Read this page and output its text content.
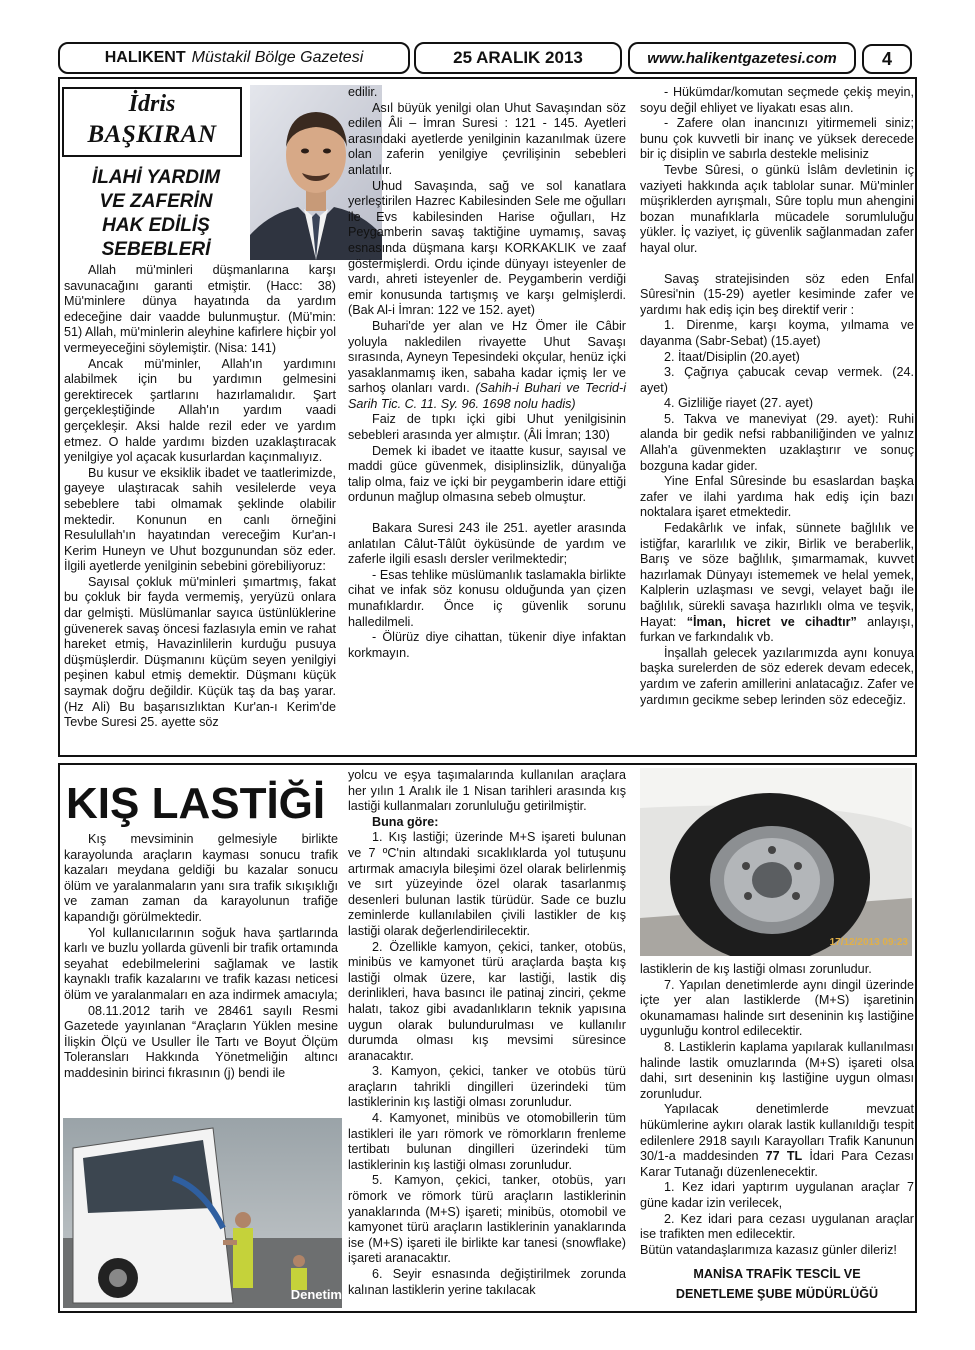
HALIKENT Müstakil Bölge Gazetesi	25 ARALIK 2013	www.halikentgazetesi.com	4
İdris
BAŞKIRAN
İLAHİ YARDIM
VE ZAFERİN
HAK EDİLİŞ
SEBEBLERİ

Allah mü'minleri düşmanlarına karşı savunacağını garanti etmiştir. (Hacc: 38) Mü'minlere dünya hayatında da yardım edeceğine dair vaadde bulunmuştur. (Mü'min: 51) Allah, mü'minlerin aleyhine kafirlere hiçbir yol vermeyeceğini söylemiştir. (Nisa: 141)

Ancak mü'minler, Allah'ın yardımını alabilmek için bu yardımın gelmesini gerektirecek şartlarını hazırlamalıdır. Şart gerçekleştiğinde Allah'ın yardım vaadi gerçekleşir. Aksi halde rezil eder ve yardım etmez. O halde yardımı bizden uzaklaştıracak yenilgiye yol açacak kusurlardan kaçınmalıyız.

Bu kusur ve eksiklik ibadet ve taatlerimizde, gayeye ulaştıracak sahih vesilelerde veya sebeblere tabi olmamak şeklinde olabilir mektedir. Konunun en canlı örneğini Resulullah'ın hayatından vereceğim Kur'an-ı Kerim Huneyn ve Uhut bozgunundan söz eder. İlgili ayetlerde yenilginin sebebini görebiliyoruz:

Sayısal çokluk mü'minleri şımartmış, fakat bu çokluk bir fayda vermemiş, yeryüzü onlara dar gelmişti. Müslümanlar sayıca üstünlüklerine güvenerek savaş öncesi fazlasıyla emin ve rahat hareket etmiş, Havazinlilerin kurduğu pusuya düşmüşlerdir. Düşmanını küçüm seyen yenilgiyi peşinen kabul etmiş demektir. Düşmanı küçük saymak doğru değildir. Küçük taş da baş yarar.(Hz Ali) Bu başarısızlıktan Kur'an-ı Kerim'de Tevbe Suresi 25. ayette söz

edilir.

Asıl büyük yenilgi olan Uhut Savaşından söz edilen Âli – İmran Suresi : 121 - 145. Ayetleri arasındaki ayetlerde yenilginin kazanılmak üzere olan zaferin yenilgiye çevrilişinin sebebleri anlatılır.

Uhud Savaşında, sağ ve sol kanatlara yerleştirilen Hazrec Kabilesinden Sele me oğulları ile Evs kabilesinden Harise oğulları, Hz Peygamberin savaş taktiğine uymamış, savaş esnasında düşmana karşı KORKAKLIK ve zaaf göstermişlerdi. Ordu içinde dünyayı isteyenler de vardı, ahreti isteyenler de. Peygamberin verdiği emir konusunda tartışmış ve karşı gelmişlerdi. (Bak Al-i İmran: 122 ve 152. ayet)

Buhari'de yer alan ve Hz Ömer ile Câbir yoluyla nakledilen rivayette Uhut Savaşı sırasında, Ayneyn Tepesindeki okçular, henüz içki yasaklanmamış iken, sabaha kadar içmiş ler ve sarhoş olanları vardı. (Sahih-i Buhari ve Tecrid-i Sarih Tic. C. 11. Sy. 96. 1698 nolu hadis)

Faiz de tıpkı içki gibi Uhut yenilgisinin sebebleri arasında yer almıştır. (Âli İmran; 130)

Demek ki ibadet ve itaatte kusur, sayısal ve maddi güce güvenmek, disiplinsizlik, dünyalığa talip olma, faiz ve içki bir peygamberin idare ettiği ordunun mağlup olmasına sebeb olmuştur.

Bakara Suresi 243 ile 251. ayetler arasında anlatılan Câlut-Tâlût öyküsünde de yardım ve zaferle ilgili esaslı dersler verilmektedir;

- Esas tehlike müslümanlık taslamakla birlikte cihat ve infak söz konusu olduğunda yan çizen munafıklardır. Önce iç güvenlik sorunu halledilmeli.

- Ölürüz diye cihattan, tükenir diye infaktan korkmayın.

- Hükümdar/komutan seçmede çekiş meyin, soyu değil ehliyet ve liyakatı esas alın.

- Zafere olan inancınızı yitirmemeli siniz; bunu çok kuvvetli bir inanç ve yüksek derecede bir iç disiplin ve sabırla destekle melisiniz

Tevbe Sûresi, o günkü İslâm devletinin iç vaziyeti hakkında açık tablolar sunar. Mü'minler müşriklerden ayrışmalı, Sûre toplu mun ahengini bozan munafıklarla mücadele sorumluluğu yükler. İç vaziyet, iç güvenlik sağlanmadan zafer hayal olur.

Savaş stratejisinden söz eden Enfal Sûresi'nin (15-29) ayetler kesiminde zafer ve yardımı hak ediş için beş direktif verir :

1. Direnme, karşı koyma, yılmama ve dayanma (Sabr-Sebat) (15.ayet)

2. İtaat/Disiplin (20.ayet)

3. Çağrıya çabucak cevap vermek. (24. ayet)

4. Gizliliğe riayet (27. ayet)

5. Takva ve maneviyat (29. ayet): Ruhi alanda bir gedik nefsi rabbaniliğinden ve yalnız Allah'a güvenmekten uzaklaştırır ve sonuç bozguna kadar gider.

Yine Enfal Sûresinde bu esaslardan başka zafer ve ilahi yardıma hak ediş için bazı noktalara işaret etmektedir.

Fedakârlık ve infak, sünnete bağlılık ve istiğfar, kararlılık ve zikir, Birlik ve beraberlik, Barış ve söze bağlılık, şımarmamak, kuvvet hazırlamak Dünyayı istememek ve helal yemek, Kalplerin uzlaşması ve sevgi, velayet bağı ile bağlılık, sürekli savaşa hazırlıklı olma ve teşvik, Hayat: “İman, hicret ve cihadtır” anlayışı, furkan ve farkındalık vb.

İnşallah gelecek yazılarımızda aynı konuya başka surelerden de söz ederek devam edecek, yardım ve zaferin amillerini anlatacağız. Zafer ve yardımın gecikme sebep lerinden söz edeceğiz.

KIŞ LASTİĞİ

Kış mevsiminin gelmesiyle birlikte karayolunda araçların kayması sonucu trafik kazaları meydana geldiği bu kazalar sonucu ölüm ve yaralanmaların yanı sıra trafik sıkışıklığı ve zaman zaman da karayolunun trafiğe kapandığı görülmektedir.

Yol kullanıcılarının soğuk hava şartlarında karlı ve buzlu yollarda güvenli bir trafik ortamında seyahat edebilmelerini sağlamak ve lastik kaynaklı trafik kazalarını ve trafik kazası neticesi ölüm ve yaralanmaları en aza indirmek amacıyla;

08.11.2012 tarih ve 28461 sayılı Resmi Gazetede yayınlanan “Araçların Yüklen mesine İlişkin Ölçü ve Usuller İle Tartı ve Boyut Ölçüm Toleransları Hakkında Yönetmeliğin altıncı maddesinin birinci fıkrasının (j) bendi ile

Denetim

yolcu ve eşya taşımalarında kullanılan araçlara her yılın 1 Aralık ile 1 Nisan tarihleri arasında kış lastiği kullanmaları zorunluluğu getirilmiştir.

Buna göre:

1. Kış lastiği; üzerinde M+S işareti bulunan ve 7 ºC'nin altındaki sıcaklıklarda yol tutuşunu artırmak amacıyla bileşimi özel olarak belirlenmiş ve sırt yüzeyinde özel olarak tasarlanmış desenleri bulunan lastik türüdür. Sade ce buzlu zeminlerde kullanılabilen çivili lastikler de kış lastiği olarak değerlendirilecektir.

2. Özellikle kamyon, çekici, tanker, otobüs, minibüs ve kamyonet türü araçlarda başta kış lastiği olmak üzere, kar lastiği, lastik diş derinlikleri, hava basıncı ile patinaj zinciri, çekme halatı, takoz gibi avadanlıkların teknik yapısına uygun olarak bulundurulması ve kullanılır durumda olması kış mevsimi süresince aranacaktır.

3. Kamyon, çekici, tanker ve otobüs türü araçların tahrikli dingilleri üzerindeki tüm lastiklerinin kış lastiği olması zorunludur.

4. Kamyonet, minibüs ve otomobillerin tüm lastikleri ile yarı römork ve römorkların frenleme tertibatı bulunan dingilleri üzerindeki tüm lastiklerinin kış lastiği olması zorunludur.

5. Kamyon, çekici, tanker, otobüs, yarı römork ve römork türü araçların lastiklerinin yanaklarında (M+S) işareti; minibüs, otomobil ve kamyonet türü araçların lastiklerinin yanaklarında ise (M+S) işareti ile birlikte kar tanesi (snowflake) işareti aranacaktır.

6. Seyir esnasında değiştirilmek zorunda kalınan lastiklerin yerine takılacak

17/12/2013 09:23

lastiklerin de kış lastiği olması zorunludur.

7. Yapılan denetimlerde aynı dingil üzerinde içte yer alan lastiklerde (M+S) işaretinin okunamaması halinde sırt deseninin kış lastiğine uygunluğu kontrol edilecektir.

8. Lastiklerin kaplama yapılarak kullanılması halinde lastik omuzlarında (M+S) işareti olsa dahi, sırt deseninin kış lastiğine uygun olması zorunludur.

Yapılacak denetimlerde mevzuat hükümlerine aykırı olarak lastik kullanıldığı tespit edilenlere 2918 sayılı Karayolları Trafik Kanunun 30/1-a maddesinden 77 TL İdari Para Cezası Karar Tutanağı düzenlenecektir.

1. Kez idari yaptırım uygulanan araçlar 7 güne kadar izin verilecek,

2. Kez idari para cezası uygulanan araçlar ise trafikten men edilecektir.

Bütün vatandaşlarımıza kazasız günler dileriz!

MANİSA TRAFİK TESCİL VE

DENETLEME ŞUBE MÜDÜRLÜĞÜ
